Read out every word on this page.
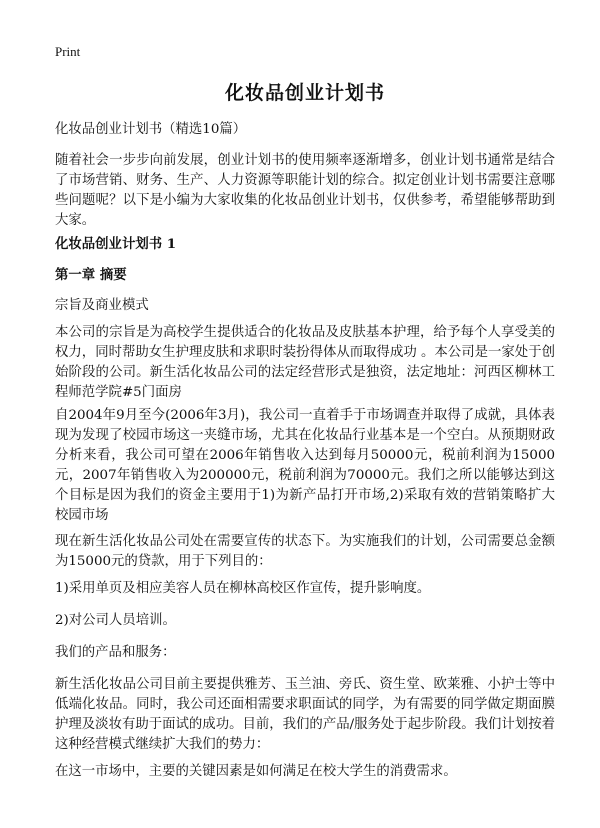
Print
化妆品创业计划书

化妆品创业计划书（精选10篇）

随着社会一步步向前发展，创业计划书的使用频率逐渐增多，创业计划书通常是结合了市场营销、财务、生产、人力资源等职能计划的综合。拟定创业计划书需要注意哪些问题呢？以下是小编为大家收集的化妆品创业计划书，仅供参考，希望能够帮助到大家。

化妆品创业计划书 1

第一章 摘要

宗旨及商业模式

本公司的宗旨是为高校学生提供适合的化妆品及皮肤基本护理，给予每个人享受美的权力，同时帮助女生护理皮肤和求职时装扮得体从而取得成功 。本公司是一家处于创始阶段的公司。新生活化妆品公司的法定经营形式是独资，法定地址：河西区柳林工程师范学院#5门面房

自2004年9月至今(2006年3月)，我公司一直着手于市场调查并取得了成就，具体表现为发现了校园市场这一夹缝市场，尤其在化妆品行业基本是一个空白。从预期财政分析来看，我公司可望在2006年销售收入达到每月50000元，税前利润为15000元，2007年销售收入为200000元，税前利润为70000元。我们之所以能够达到这个目标是因为我们的资金主要用于1)为新产品打开市场,2)采取有效的营销策略扩大校园市场

现在新生活化妆品公司处在需要宣传的状态下。为实施我们的计划，公司需要总金额为15000元的贷款，用于下列目的：

1)采用单页及相应美容人员在柳林高校区作宣传，提升影响度。

2)对公司人员培训。

我们的产品和服务：

新生活化妆品公司目前主要提供雅芳、玉兰油、旁氏、资生堂、欧莱雅、小护士等中低端化妆品。同时，我公司还面相需要求职面试的同学，为有需要的同学做定期面膜护理及淡妆有助于面试的成功。目前，我们的产品/服务处于起步阶段。我们计划按着这种经营模式继续扩大我们的势力：

在这一市场中，主要的关键因素是如何满足在校大学生的消费需求。
